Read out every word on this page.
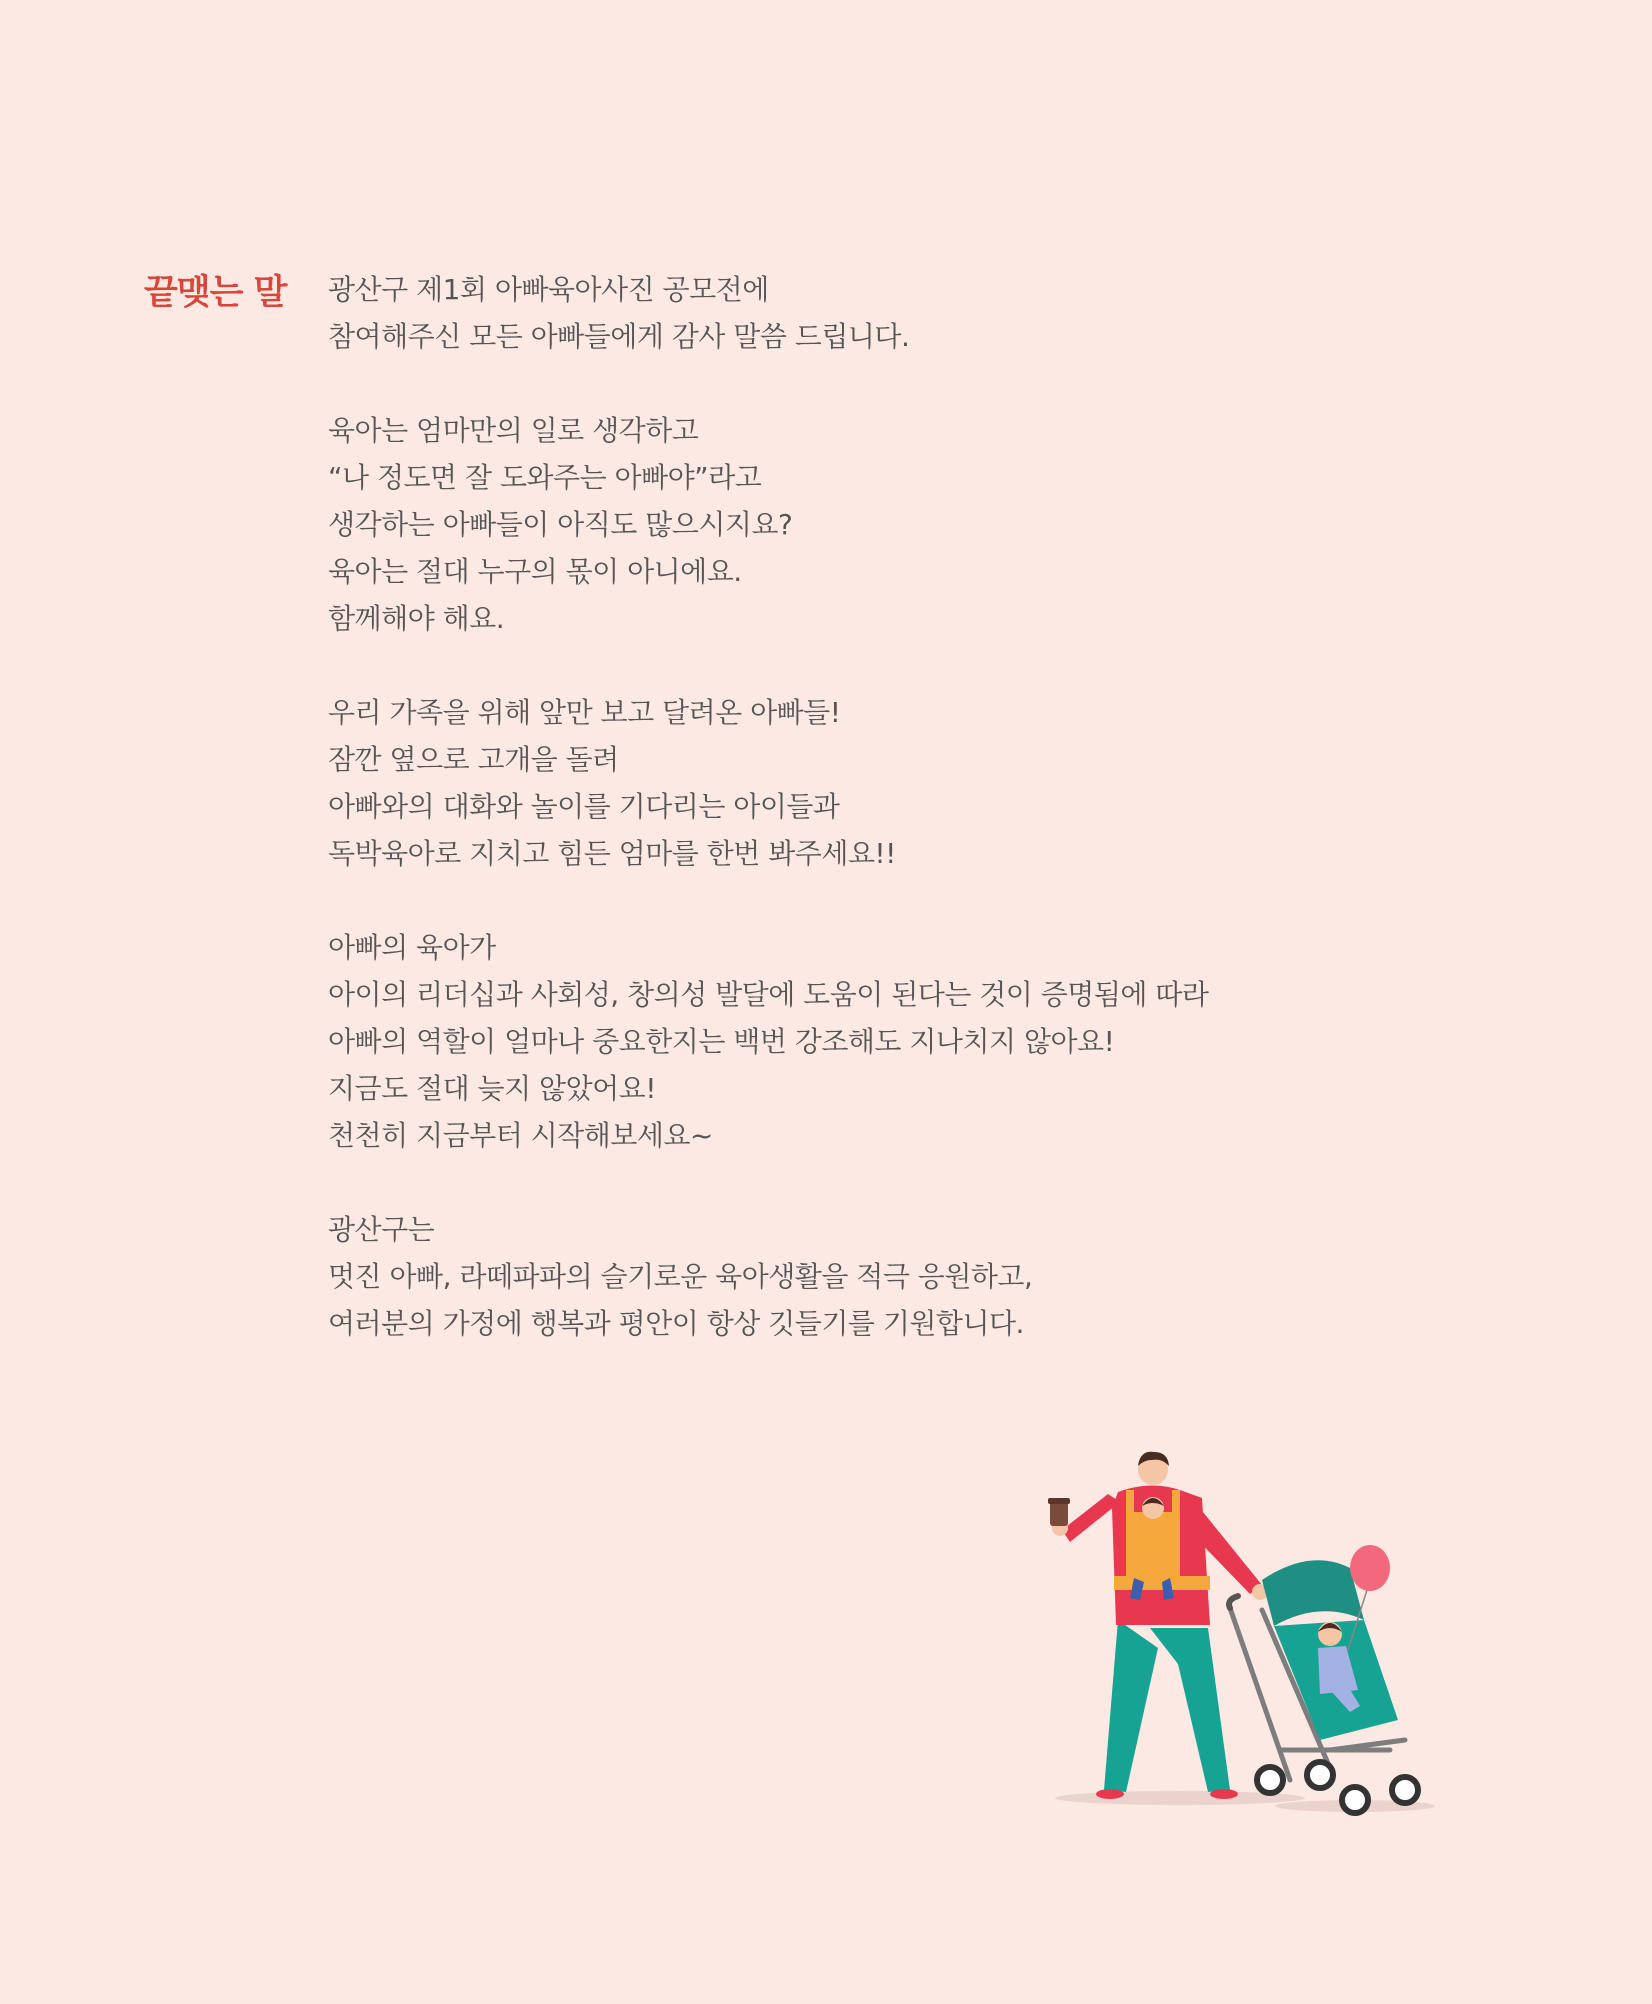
끝맺는 말 광산구 제1회 아빠육아사진 공모전에
참여해주신 모든 아빠들에게 감사 말씀 드립니다.
육아는 엄마만의 일로 생각하고
“나 정도면 잘 도와주는 아빠야”라고
생각하는 아빠들이 아직도 많으시지요?
육아는 절대 누구의 몫이 아니에요.
함께해야 해요.
우리 가족을 위해 앞만 보고 달려온 아빠들!
잠깐 옆으로 고개을 돌려
아빠와의 대화와 놀이를 기다리는 아이들과
독박육아로 지치고 힘든 엄마를 한번 봐주세요!!
아빠의 육아가
아이의 리더십과 사회성, 창의성 발달에 도움이 된다는 것이 증명됨에 따라
아빠의 역할이 얼마나 중요한지는 백번 강조해도 지나치지 않아요!
지금도 절대 늦지 않았어요!
천천히 지금부터 시작해보세요~
광산구는
멋진 아빠, 라떼파파의 슬기로운 육아생활을 적극 응원하고,
여러분의 가정에 행복과 평안이 항상 깃들기를 기원합니다.
